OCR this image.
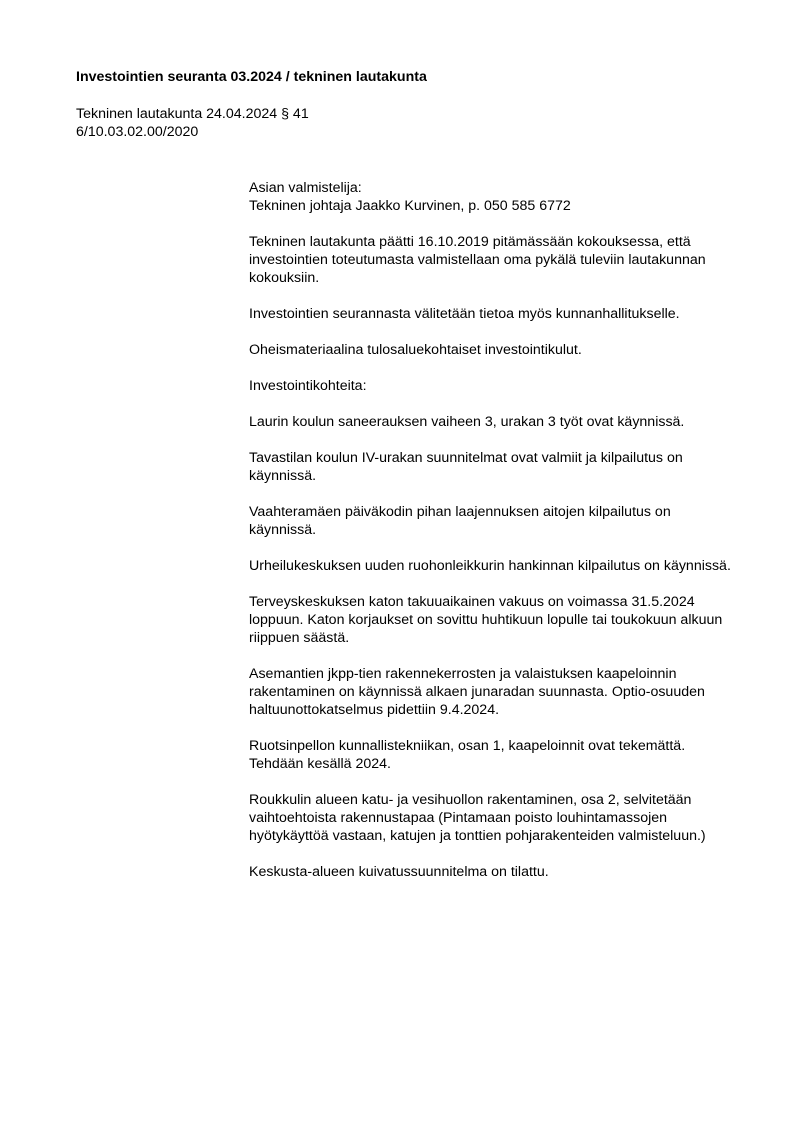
Investointien seuranta 03.2024 / tekninen lautakunta
Tekninen lautakunta 24.04.2024 § 41
6/10.03.02.00/2020

Asian valmistelija:

Tekninen johtaja Jaakko Kurvinen, p. 050 585 6772

Tekninen lautakunta päätti 16.10.2019 pitämässään kokouksessa, että investointien toteutumasta valmistellaan oma pykälä tuleviin lautakunnan kokouksiin.

Investointien seurannasta välitetään tietoa myös kunnanhallitukselle.

Oheismateriaalina tulosaluekohtaiset investointikulut.

Investointikohteita:

Laurin koulun saneerauksen vaiheen 3, urakan 3 työt ovat käynnissä.

Tavastilan koulun IV-urakan suunnitelmat ovat valmiit ja kilpailutus on käynnissä.

Vaahteramäen päiväkodin pihan laajennuksen aitojen kilpailutus on käynnissä.

Urheilukeskuksen uuden ruohonleikkurin hankinnan kilpailutus on käynnissä.

Terveyskeskuksen katon takuuaikainen vakuus on voimassa 31.5.2024 loppuun. Katon korjaukset on sovittu huhtikuun lopulle tai toukokuun alkuun riippuen säästä.

Asemantien jkpp-tien rakennekerrosten ja valaistuksen kaapeloinnin rakentaminen on käynnissä alkaen junaradan suunnasta. Optio-osuuden haltuunottokatselmus pidettiin 9.4.2024.

Ruotsinpellon kunnallistekniikan, osan 1, kaapeloinnit ovat tekemättä. Tehdään kesällä 2024.

Roukkulin alueen katu- ja vesihuollon rakentaminen, osa 2, selvitetään vaihtoehtoista rakennustapaa (Pintamaan poisto louhintamassojen hyötykäyttöä vastaan, katujen ja tonttien pohjarakenteiden valmisteluun.)

Keskusta-alueen kuivatussuunnitelma on tilattu.
